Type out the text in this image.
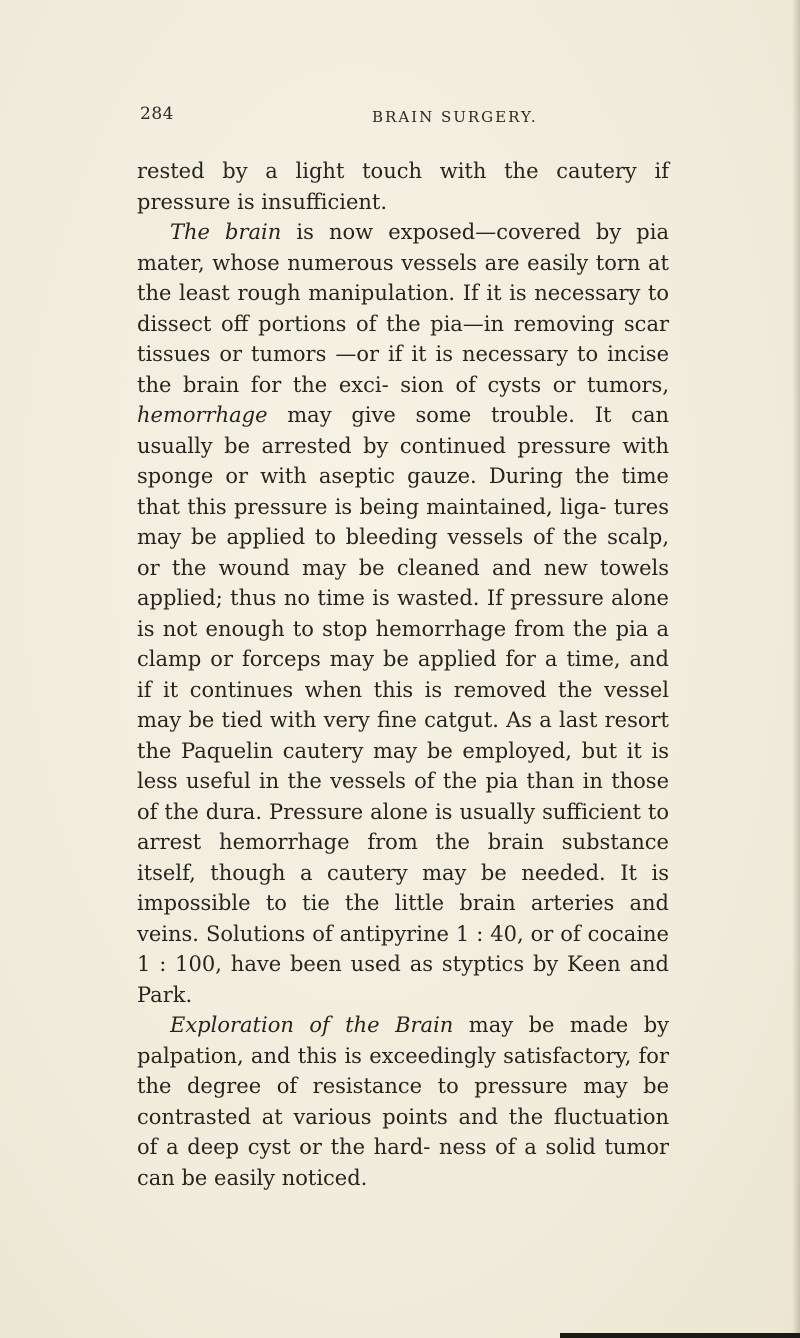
284	BRAIN SURGERY.

rested by a light touch with the cautery if pressure is insufficient.

The brain is now exposed—covered by pia mater, whose numerous vessels are easily torn at the least rough manipulation. If it is necessary to dissect off portions of the pia—in removing scar tissues or tumors —or if it is necessary to incise the brain for the exci- sion of cysts or tumors, hemorrhage may give some trouble. It can usually be arrested by continued pressure with sponge or with aseptic gauze. During the time that this pressure is being maintained, liga- tures may be applied to bleeding vessels of the scalp, or the wound may be cleaned and new towels applied; thus no time is wasted. If pressure alone is not enough to stop hemorrhage from the pia a clamp or forceps may be applied for a time, and if it continues when this is removed the vessel may be tied with very fine catgut. As a last resort the Paquelin cautery may be employed, but it is less useful in the vessels of the pia than in those of the dura. Pressure alone is usually sufficient to arrest hemorrhage from the brain substance itself, though a cautery may be needed. It is impossible to tie the little brain arteries and veins. Solutions of antipyrine 1 : 40, or of cocaine 1 : 100, have been used as styptics by Keen and Park.

Exploration of the Brain may be made by palpation, and this is exceedingly satisfactory, for the degree of resistance to pressure may be contrasted at various points and the fluctuation of a deep cyst or the hard- ness of a solid tumor can be easily noticed.
